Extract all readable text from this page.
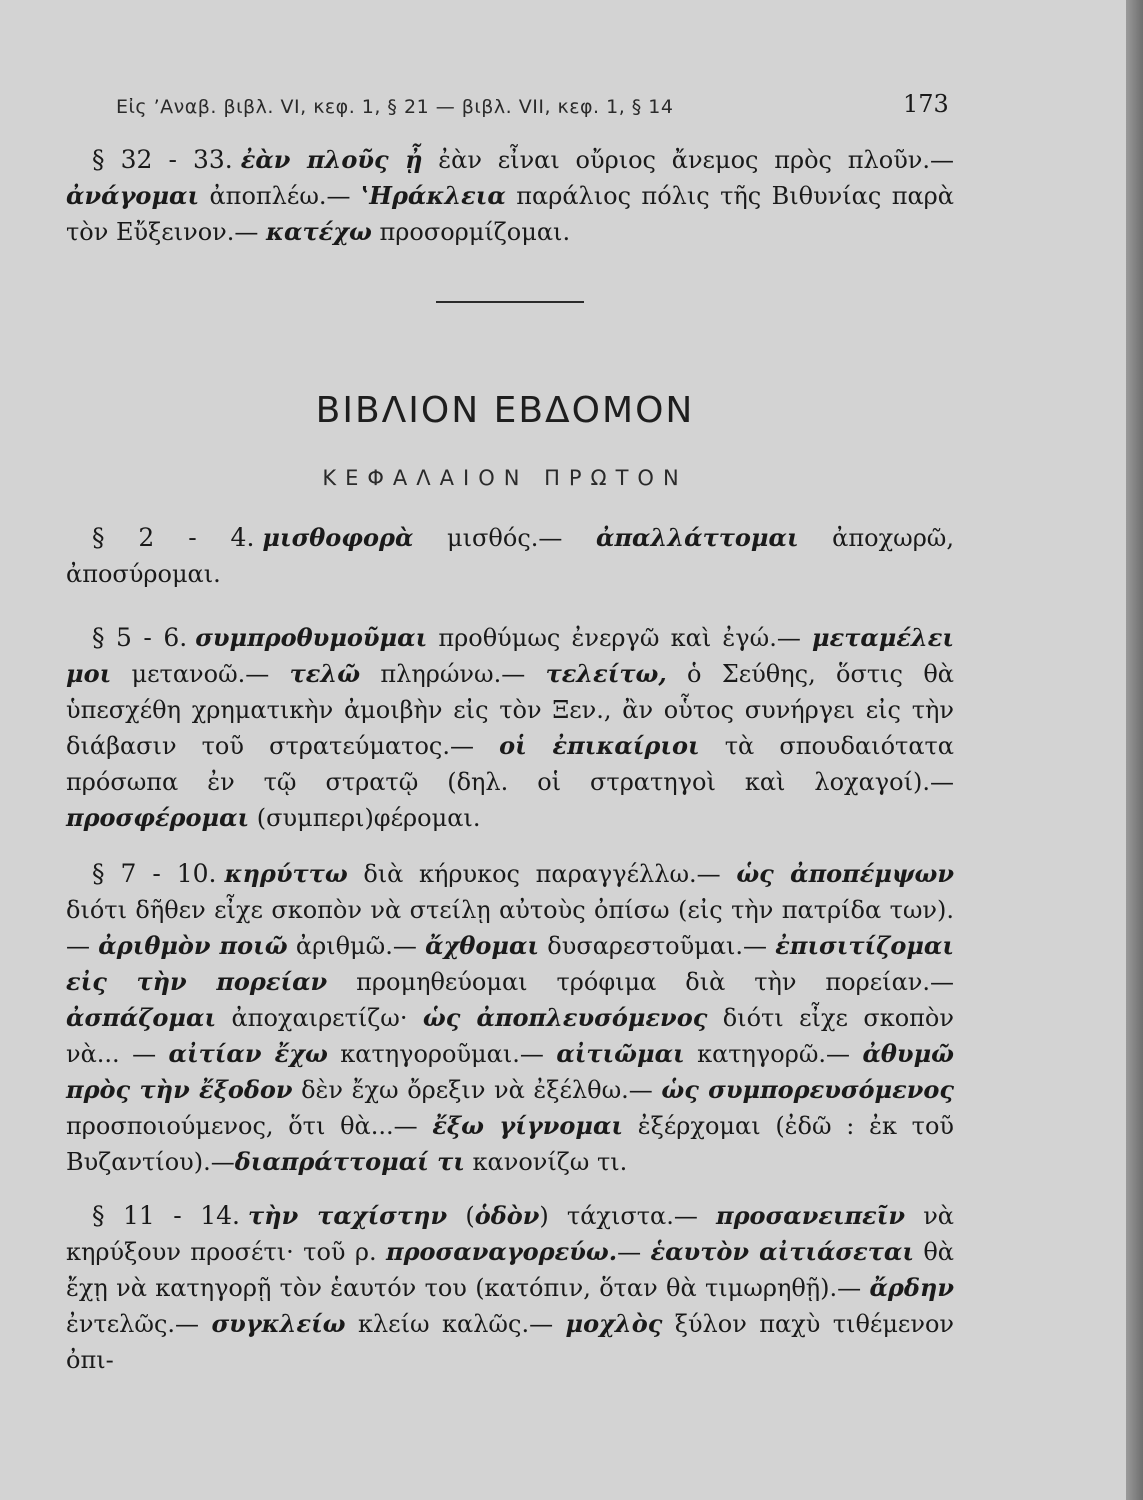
Εἰς ’Αναβ. βιβλ. VI, κεφ. 1, § 21 — βιβλ. VII, κεφ. 1, § 14	173

§ 32 - 33. ἐὰν πλοῦς ᾖ ἐὰν εἶναι οὔριος ἄνεμος πρὸς πλοῦν.— ἀνάγομαι ἀποπλέω.— ‛Ηράκλεια παράλιος πόλις τῆς Βιθυνίας παρὰ τὸν Εὔξεινον.— κατέχω προσορμίζομαι.

ΒΙΒΛΙΟΝ ΕΒΔΟΜΟΝ
ΚΕΦΑΛΑΙΟΝ ΠΡΩΤΟΝ

§ 2 - 4. μισθοφορὰ μισθός.— ἀπαλλάττομαι ἀποχωρῶ, ἀποσύρομαι.

§ 5 - 6. συμπροθυμοῦμαι προθύμως ἐνεργῶ καὶ ἐγώ.— μεταμέλει μοι μετανοῶ.— τελῶ πληρώνω.— τελείτω, ὁ Σεύθης, ὅστις θὰ ὑπεσχέθη χρηματικὴν ἀμοιβὴν εἰς τὸν Ξεν., ἂν οὗτος συνήργει εἰς τὴν διάβασιν τοῦ στρατεύματος.— οἱ ἐπικαίριοι τὰ σπουδαιότατα πρόσωπα ἐν τῷ στρατῷ (δηλ. οἱ στρατηγοὶ καὶ λοχαγοί).— προσφέρομαι (συμπερι)φέρομαι.

§ 7 - 10. κηρύττω διὰ κήρυκος παραγγέλλω.— ὡς ἀποπέμψων διότι δῆθεν εἶχε σκοπὸν νὰ στείλῃ αὐτοὺς ὀπίσω (εἰς τὴν πατρίδα των).— ἀριθμὸν ποιῶ ἀριθμῶ.— ἄχθομαι δυσαρεστοῦμαι.— ἐπισιτίζομαι εἰς τὴν πορείαν προμηθεύομαι τρόφιμα διὰ τὴν πορείαν.— ἀσπάζομαι ἀποχαιρετίζω· ὡς ἀποπλευσόμενος διότι εἶχε σκοπὸν νὰ... — αἰτίαν ἔχω κατηγοροῦμαι.— αἰτιῶμαι κατηγορῶ.— ἀθυμῶ πρὸς τὴν ἔξοδον δὲν ἔχω ὄρεξιν νὰ ἐξέλθω.— ὡς συμπορευσόμενος προσποιούμενος, ὅτι θὰ...— ἔξω γίγνομαι ἐξέρχομαι (ἐδῶ : ἐκ τοῦ Βυζαντίου).—διαπράττομαί τι κανονίζω τι.

§ 11 - 14. τὴν ταχίστην (ὁδὸν) τάχιστα.— προσανειπεῖν νὰ κηρύξουν προσέτι· τοῦ ρ. προσαναγορεύω.— ἑαυτὸν αἰτιάσεται θὰ ἔχῃ νὰ κατηγορῇ τὸν ἑαυτόν του (κατόπιν, ὅταν θὰ τιμωρηθῇ).— ἄρδην ἐντελῶς.— συγκλείω κλείω καλῶς.— μοχλὸς ξύλον παχὺ τιθέμενον ὀπι-
